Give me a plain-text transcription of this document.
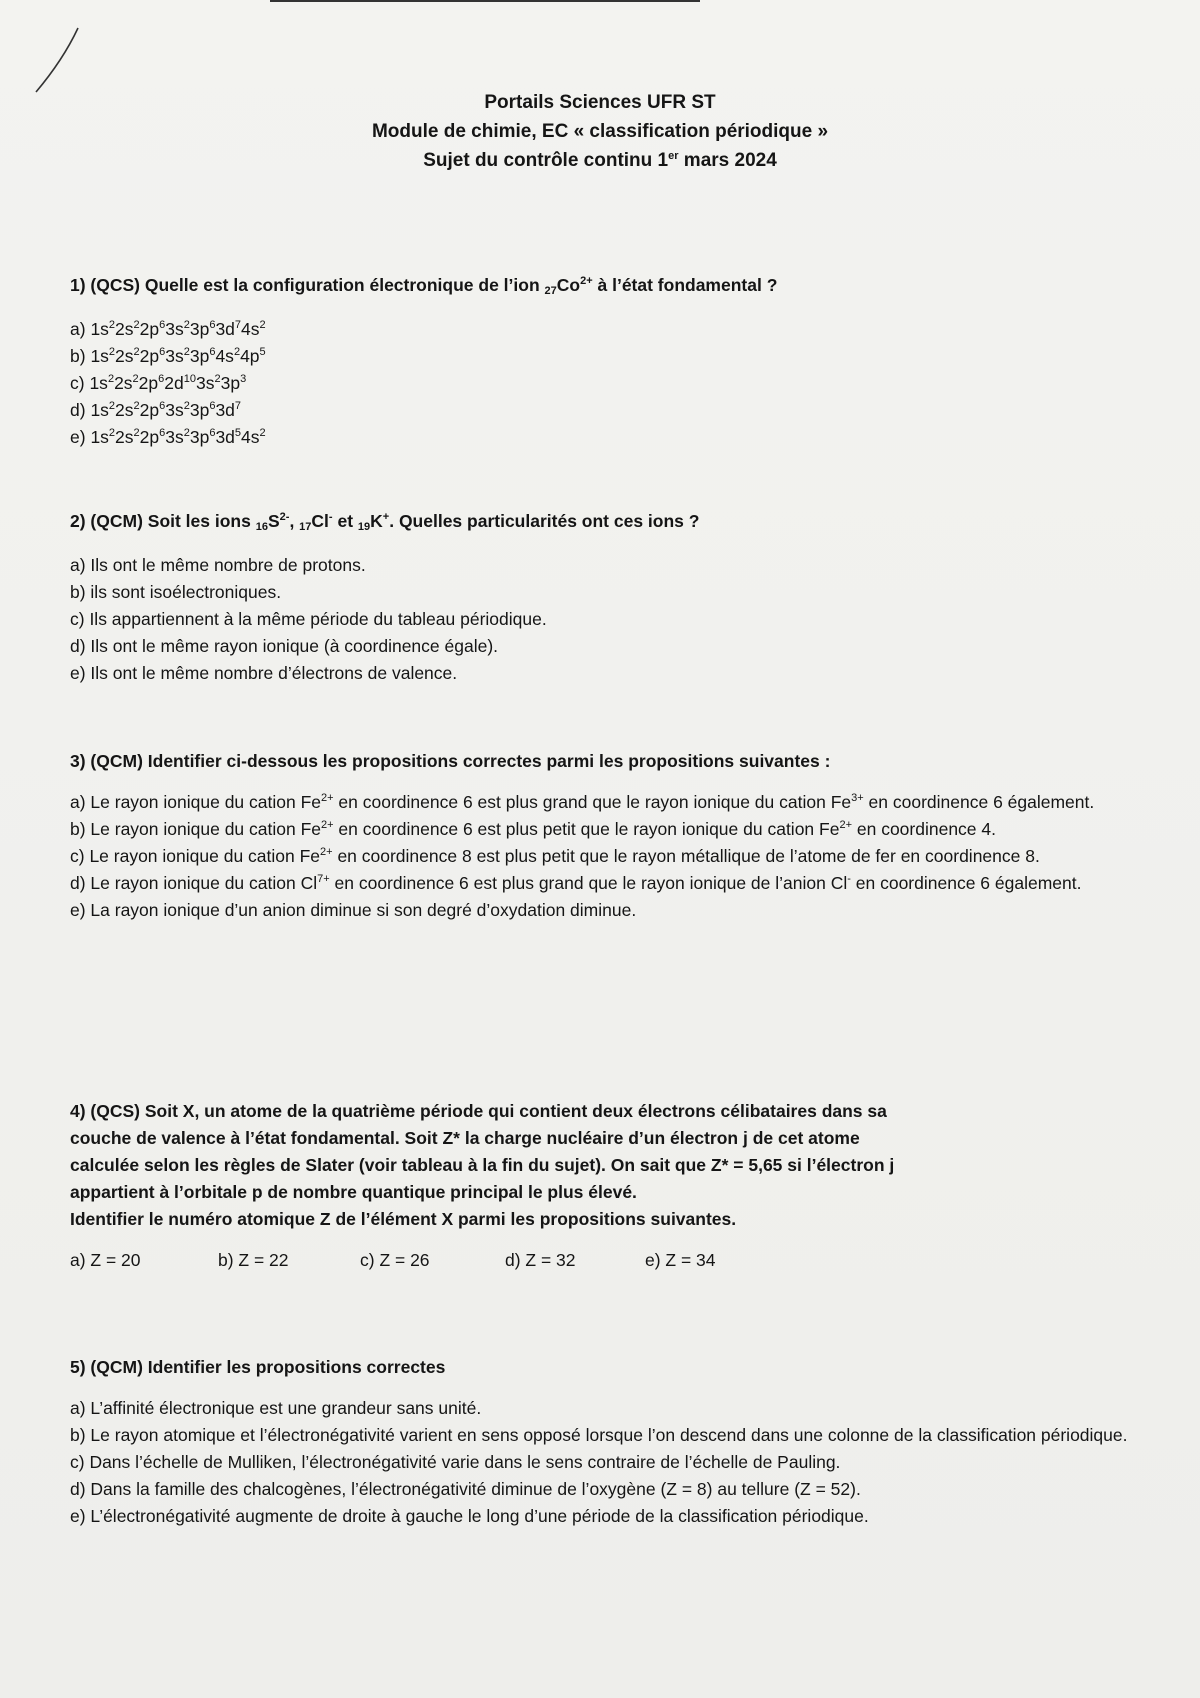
Portails Sciences UFR ST
Module de chimie, EC « classification périodique »
Sujet du contrôle continu 1er mars 2024
1) (QCS) Quelle est la configuration électronique de l’ion $_{27}Co^{2+}$ à l’état fondamental ?
a) $1s^22s^22p^63s^23p^63d^74s^2$
b) $1s^22s^22p^63s^23p^64s^24p^5$
c) $1s^22s^22p^62d^{10}3s^23p^3$
d) $1s^22s^22p^63s^23p^63d^7$
e) $1s^22s^22p^63s^23p^63d^54s^2$
2) (QCM) Soit les ions $_{16}S^{2-}$, $_{17}$Cl- et $_{19}$K+. Quelles particularités ont ces ions ?
a) Ils ont le même nombre de protons.
b) ils sont isoélectroniques.
c) Ils appartiennent à la même période du tableau périodique.
d) Ils ont le même rayon ionique (à coordinence égale).
e) Ils ont le même nombre d’électrons de valence.
3) (QCM) Identifier ci-dessous les propositions correctes parmi les propositions suivantes :
a) Le rayon ionique du cation $Fe^{2+}$ en coordinence 6 est plus grand que le rayon ionique du cation $Fe^{3+}$ en coordinence 6 également.
b) Le rayon ionique du cation $Fe^{2+}$ en coordinence 6 est plus petit que le rayon ionique du cation $Fe^{2+}$ en coordinence 4.
c) Le rayon ionique du cation $Fe^{2+}$ en coordinence 8 est plus petit que le rayon métallique de l’atome de fer en coordinence 8.
d) Le rayon ionique du cation $Cl^{7+}$ en coordinence 6 est plus grand que le rayon ionique de l’anion Cl- en coordinence 6 également.
e) La rayon ionique d’un anion diminue si son degré d’oxydation diminue.
4) (QCS) Soit X, un atome de la quatrième période qui contient deux électrons célibataires dans sa
couche de valence à l’état fondamental. Soit Z* la charge nucléaire d’un électron j de cet atome
calculée selon les règles de Slater (voir tableau à la fin du sujet). On sait que Z* = 5,65 si l’électron j
appartient à l’orbitale p de nombre quantique principal le plus élevé.
Identifier le numéro atomique Z de l’élément X parmi les propositions suivantes.
a) Z = 20	b) Z = 22	c) Z = 26	d) Z = 32	e) Z = 34
5) (QCM) Identifier les propositions correctes
a) L’affinité électronique est une grandeur sans unité.
b) Le rayon atomique et l’électronégativité varient en sens opposé lorsque l’on descend dans une colonne de la classification périodique.
c) Dans l’échelle de Mulliken, l’électronégativité varie dans le sens contraire de l’échelle de Pauling.
d) Dans la famille des chalcogènes, l’électronégativité diminue de l’oxygène (Z = 8) au tellure (Z = 52).
e) L’électronégativité augmente de droite à gauche le long d’une période de la classification périodique.
